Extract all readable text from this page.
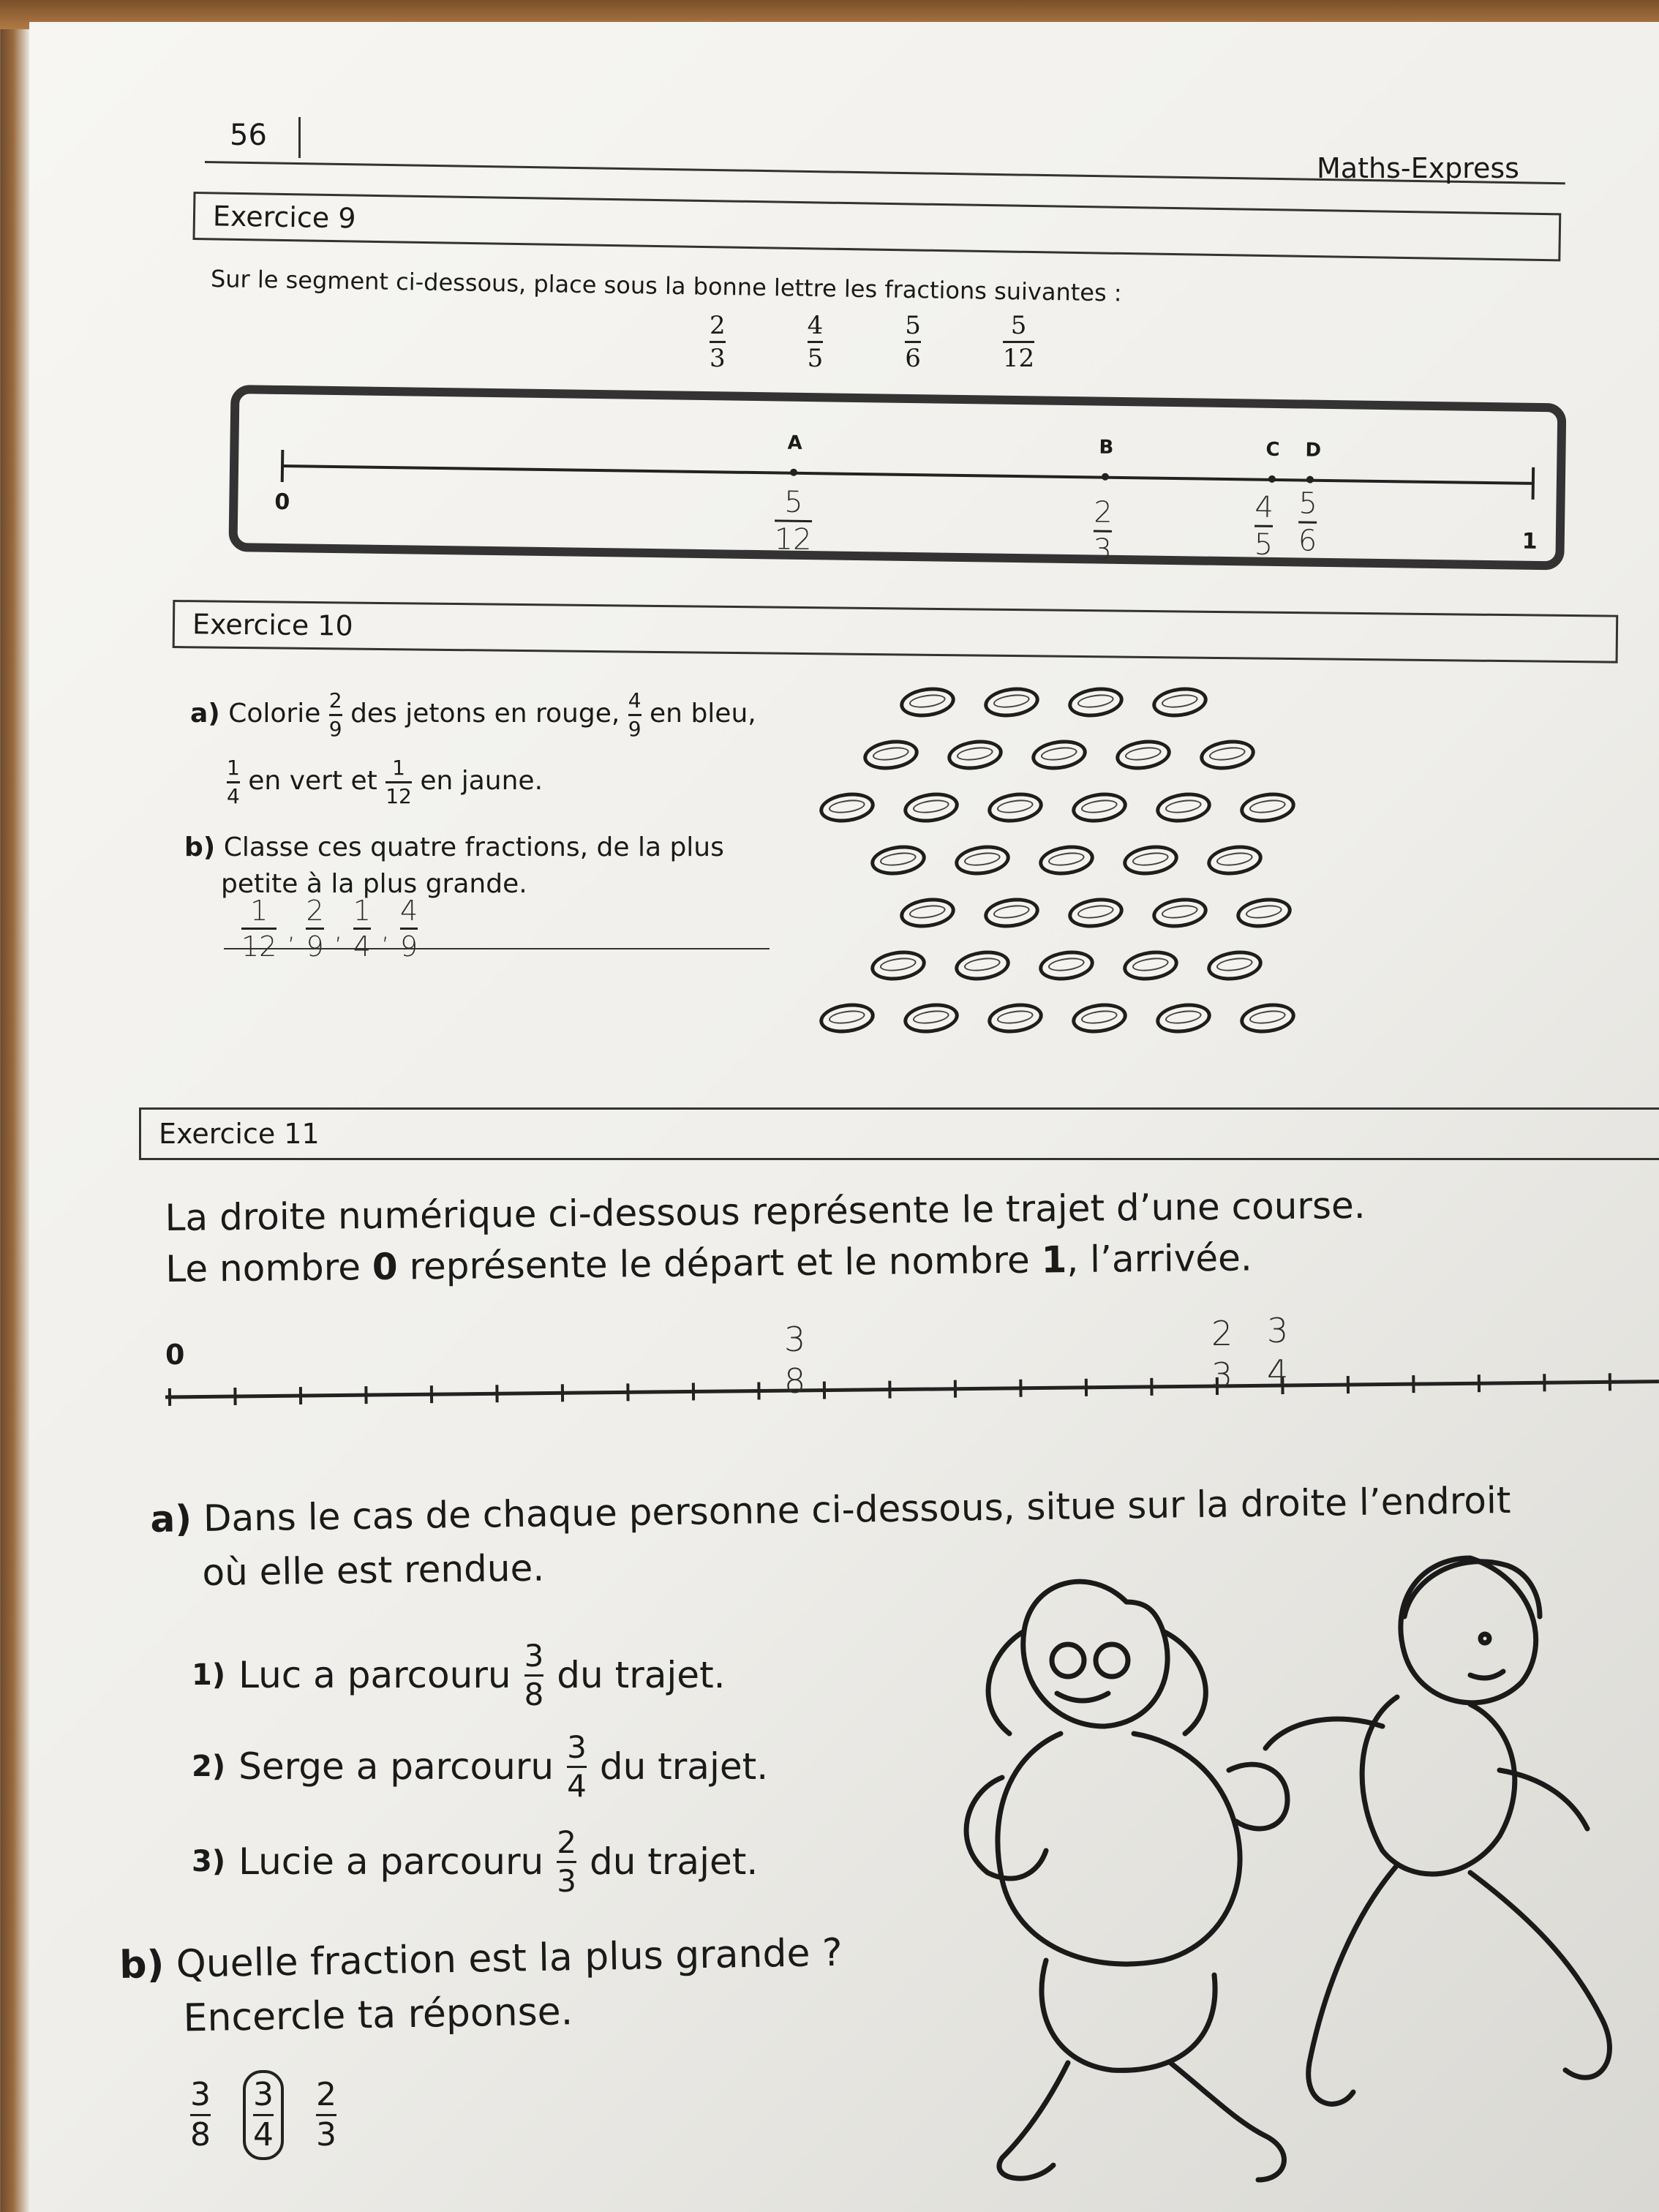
56
Maths-Express
Exercice 9
Sur le segment ci-dessous, place sous la bonne lettre les fractions suivantes :
$\frac{2}{3}$	$\frac{4}{5}$	$\frac{5}{6}$	$\frac{5}{12}$
0
1
A	B	C D
5
12
2
3
4
5
5
6
Exercice 10
a) Colorie $\frac{2}{9}$ des jetons en rouge, $\frac{4}{9}$ en bleu,
$\frac{1}{4}$ en vert et $\frac{1}{12}$ en jaune.
b) Classe ces quatre fractions, de la plus
petite à la plus grande.
$\frac{1}{12}$ , $\frac{2}{9}$ , $\frac{1}{4}$ , $\frac{4}{9}$
Exercice 11
La droite numérique ci-dessous représente le trajet d’une course.
Le nombre 0 représente le départ et le nombre 1, l’arrivée.
0	3
8
2
3
3
4
a) Dans le cas de chaque personne ci-dessous, situe sur la droite l’endroit
où elle est rendue.
1) Luc a parcouru $\frac{3}{8}$ du trajet.
2) Serge a parcouru $\frac{3}{4}$ du trajet.
3) Lucie a parcouru $\frac{2}{3}$ du trajet.
b) Quelle fraction est la plus grande ?
Encercle ta réponse.
$\frac{3}{8} \frac{3}{4} \frac{2}{3}$
